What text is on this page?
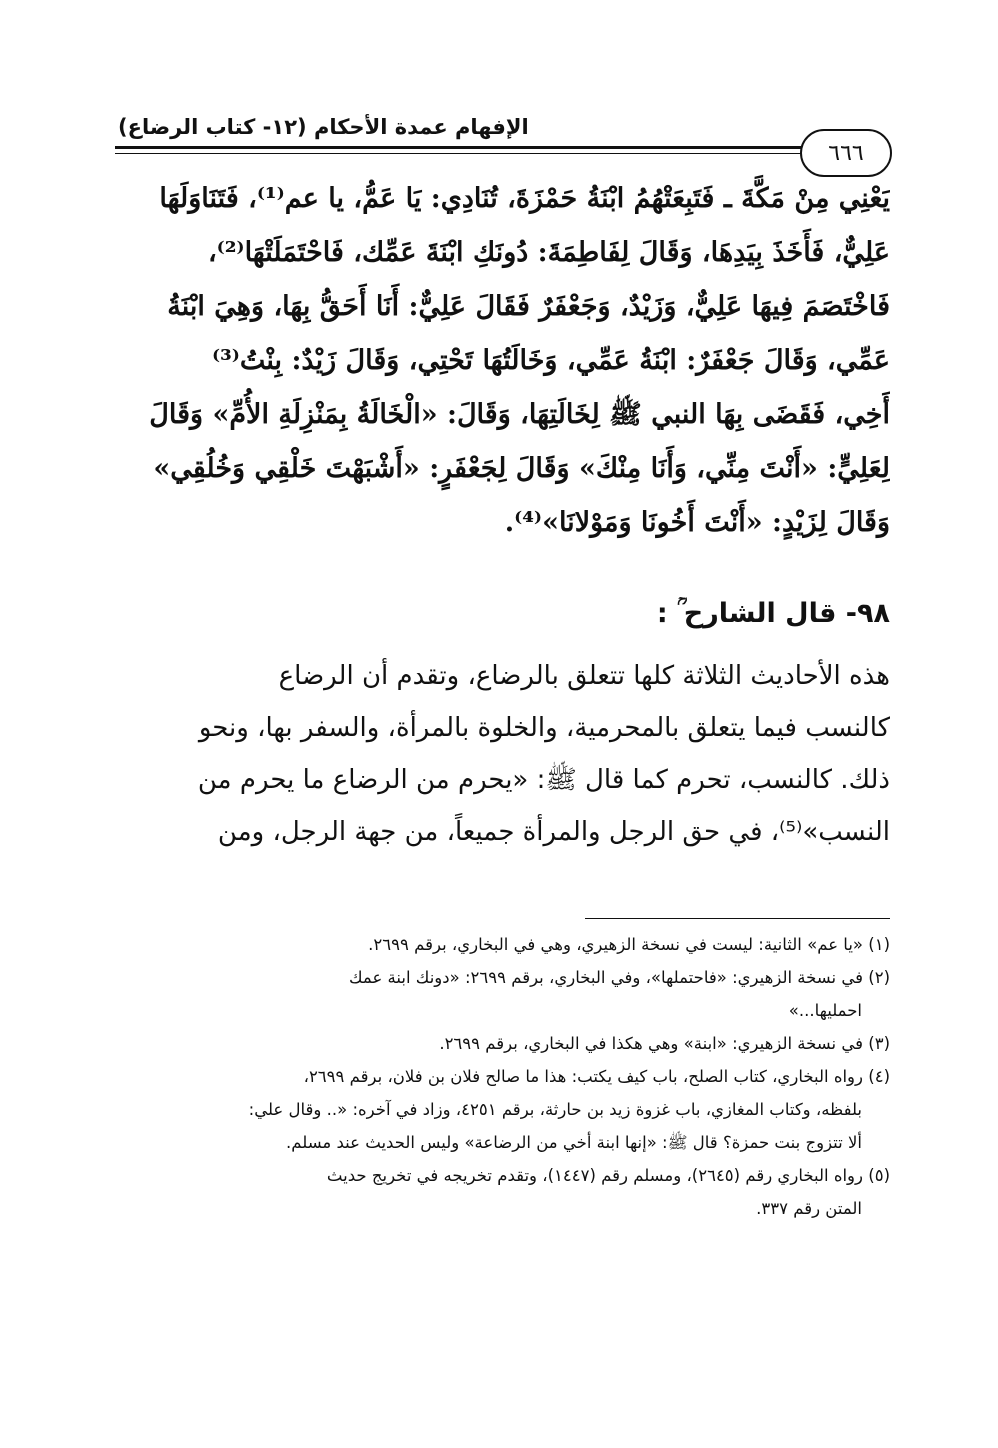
الإفهام عمدة الأحكام (١٢- كتاب الرضاع)
٦٦٦
يَعْنِي مِنْ مَكَّةَ ـ فَتَبِعَتْهُمُ ابْنَةُ حَمْزَةَ، تُنَادِي: يَا عَمُّ، يا عم⁽¹⁾، فَتَنَاوَلَهَا
عَلِيٌّ، فَأَخَذَ بِيَدِهَا، وَقَالَ لِفَاطِمَةَ: دُونَكِ ابْنَةَ عَمِّك، فَاحْتَمَلَتْهَا⁽²⁾،
فَاخْتَصَمَ فِيهَا عَلِيٌّ، وَزَيْدٌ، وَجَعْفَرٌ فَقَالَ عَلِيٌّ: أَنَا أَحَقُّ بِهَا، وَهِيَ ابْنَةُ
عَمِّي، وَقَالَ جَعْفَرٌ: ابْنَةُ عَمِّي، وَخَالَتُهَا تَحْتِي، وَقَالَ زَيْدٌ: بِنْتُ⁽³⁾
أَخِي، فَقَضَى بِهَا النبي ﷺ لِخَالَتِهَا، وَقَالَ: «الْخَالَةُ بِمَنْزِلَةِ الأُمِّ» وَقَالَ
لِعَلِيٍّ: «أَنْتَ مِنِّي، وَأَنَا مِنْكَ» وَقَالَ لِجَعْفَرٍ: «أَشْبَهْتَ خَلْقِي وَخُلُقِي»
وَقَالَ لِزَيْدٍ: «أَنْتَ أَخُونَا وَمَوْلانَا»⁽⁴⁾.
٩٨- قال الشارح ؒ :
هذه الأحاديث الثلاثة كلها تتعلق بالرضاع، وتقدم أن الرضاع
كالنسب فيما يتعلق بالمحرمية، والخلوة بالمرأة، والسفر بها، ونحو
ذلك. كالنسب، تحرم كما قال ﷺ: «يحرم من الرضاع ما يحرم من
النسب»⁽⁵⁾، في حق الرجل والمرأة جميعاً، من جهة الرجل، ومن
(١) «يا عم» الثانية: ليست في نسخة الزهيري، وهي في البخاري، برقم ٢٦٩٩.
(٢) في نسخة الزهيري: «فاحتملها»، وفي البخاري، برقم ٢٦٩٩: «دونك ابنة عمك
احمليها...»
(٣) في نسخة الزهيري: «ابنة» وهي هكذا في البخاري، برقم ٢٦٩٩.
(٤) رواه البخاري، كتاب الصلح، باب كيف يكتب: هذا ما صالح فلان بن فلان، برقم ٢٦٩٩،
بلفظه، وكتاب المغازي، باب غزوة زيد بن حارثة، برقم ٤٢٥١، وزاد في آخره: «.. وقال علي:
ألا تتزوج بنت حمزة؟ قال ﷺ: «إنها ابنة أخي من الرضاعة» وليس الحديث عند مسلم.
(٥) رواه البخاري رقم (٢٦٤٥)، ومسلم رقم (١٤٤٧)، وتقدم تخريجه في تخريج حديث
المتن رقم ٣٣٧.
